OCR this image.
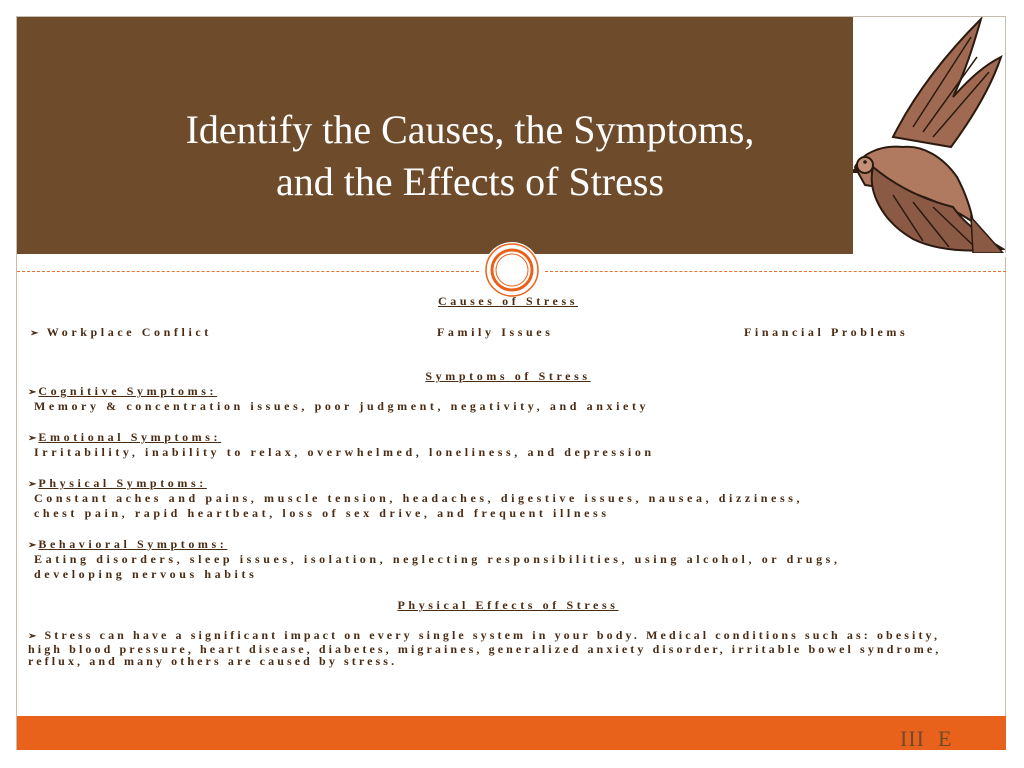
Identify the Causes, the Symptoms,
and the Effects of Stress
Causes of Stress
➢ Workplace Conflict	Family Issues	Financial Problems
Symptoms of Stress
➢ Cognitive Symptoms:
Memory & concentration issues, poor judgment, negativity, and anxiety
➢ Emotional Symptoms:
Irritability, inability to relax, overwhelmed, loneliness, and depression
➢ Physical Symptoms:
Constant aches and pains, muscle tension, headaches, digestive issues, nausea, dizziness,
chest pain, rapid heartbeat, loss of sex drive, and frequent illness
➢ Behavioral Symptoms:
Eating disorders, sleep issues, isolation, neglecting responsibilities, using alcohol, or drugs,
developing nervous habits
Physical Effects of Stress
➢ Stress can have a significant impact on every single system in your body. Medical conditions such as: obesity, high blood pressure, heart disease, diabetes, migraines, generalized anxiety disorder, irritable bowel syndrome, reflux, and many others are caused by stress.
III  E
